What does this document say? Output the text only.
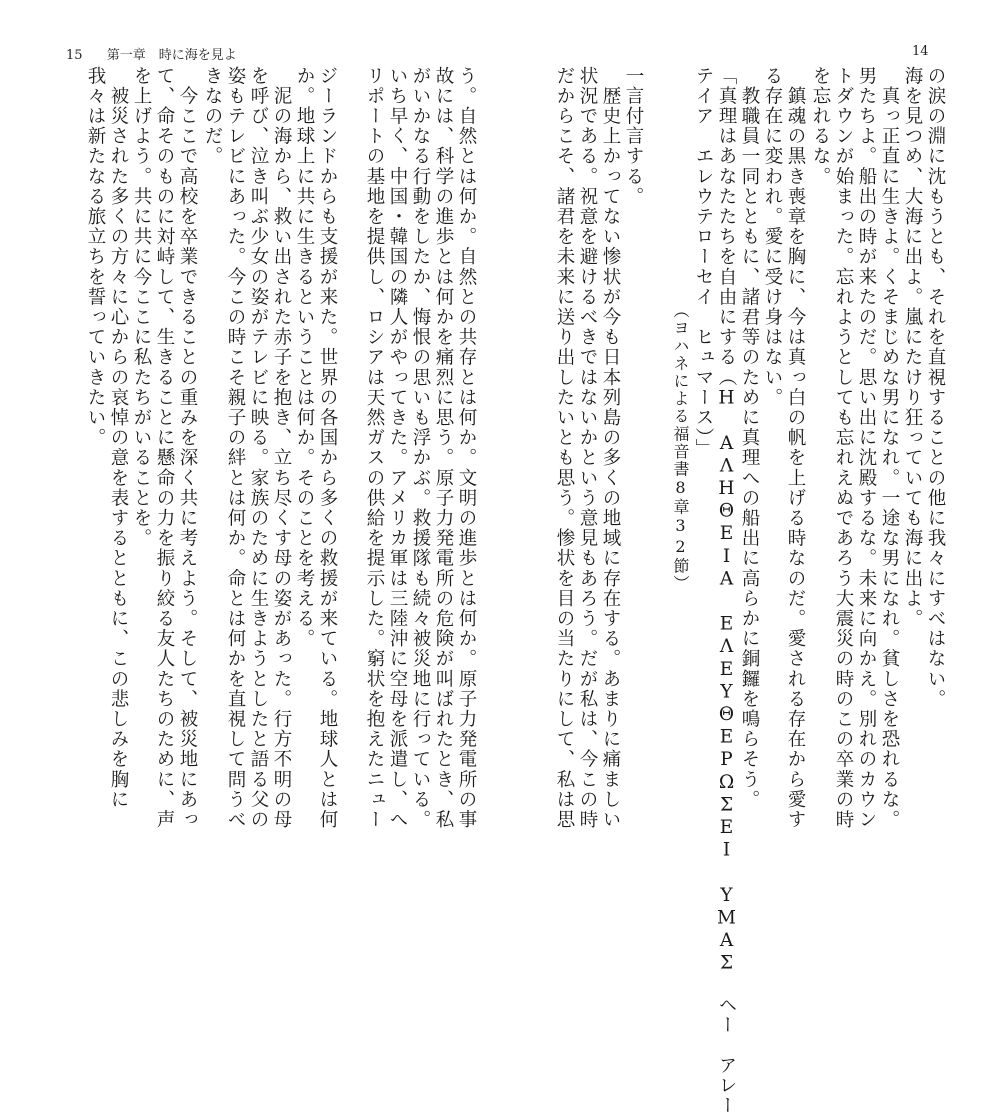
15 第一章　時に海を見よ
う。自然とは何か。自然との共存とは何か。文明の進歩とは何か。原子力発電所の事
故には、科学の進歩とは何かを痛烈に思う。原子力発電所の危険が叫ばれたとき、私
がいかなる行動をしたか、悔恨の思いも浮かぶ。救援隊も続々被災地に行っている。
いち早く、中国・韓国の隣人がやってきた。アメリカ軍は三陸沖に空母を派遣し、へ
リポートの基地を提供し、ロシアは天然ガスの供給を提示した。窮状を抱えたニュー
ジーランドからも支援が来た。世界の各国から多くの救援が来ている。地球人とは何
か。地球上に共に生きるということは何か。そのことを考える。
　泥の海から、救い出された赤子を抱き、立ち尽くす母の姿があった。行方不明の母
を呼び、泣き叫ぶ少女の姿がテレビに映る。家族のために生きようとしたと語る父の
姿もテレビにあった。今この時こそ親子の絆とは何か。命とは何かを直視して問うべ
きなのだ。
　今ここで高校を卒業できることの重みを深く共に考えよう。そして、被災地にあっ
て、命そのものに対峙して、生きることに懸命の力を振り絞る友人たちのために、声
を上げよう。共に共に今ここに私たちがいることを。
　被災された多くの方々に心からの哀悼の意を表するとともに、この悲しみを胸に
我々は新たなる旅立ちを誓っていきたい。
14
の涙の淵に沈もうとも、それを直視することの他に我々にすべはない。
海を見つめ、大海に出よ。嵐にたけり狂っていても海に出よ。
　真っ正直に生きよ。くそまじめな男になれ。一途な男になれ。貧しさを恐れるな。
男たちよ。船出の時が来たのだ。思い出に沈殿するな。未来に向かえ。別れのカウン
トダウンが始まった。忘れようとしても忘れえぬであろう大震災の時のこの卒業の時
を忘れるな。
　鎮魂の黒き喪章を胸に、今は真っ白の帆を上げる時なのだ。愛される存在から愛す
る存在に変われ。愛に受け身はない。
　教職員一同とともに、諸君等のために真理への船出に高らかに銅鑼を鳴らそう。
「真理はあなたたちを自由にする（Η ΑΛΗΘΕΙΑ ΕΛΕΥΘΕΡΩΣΕΙ ΥΜΑΣ　ヘー　アレー
テイア　エレウテローセイ　ヒュマース）」
（ヨハネによる福音書8章32節）
一言付言する。
　歴史上かってない惨状が今も日本列島の多くの地域に存在する。あまりに痛ましい
状況である。祝意を避けるべきではないかという意見もあろう。だが私は、今この時
だからこそ、諸君を未来に送り出したいとも思う。惨状を目の当たりにして、私は思
